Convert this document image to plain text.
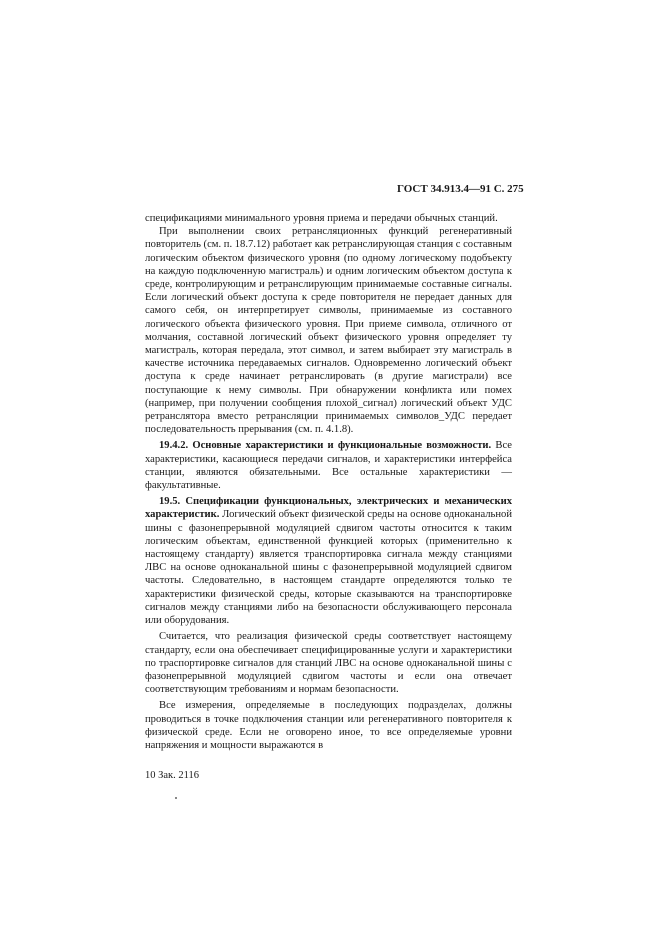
ГОСТ 34.913.4—91 С. 275

спецификациями минимального уровня приема и передачи обычных станций.

При выполнении своих ретрансляционных функций регенеративный повторитель (см. п. 18.7.12) работает как ретранслирующая станция с составным логическим объектом физического уровня (по одному логическому подобъекту на каждую подключенную магистраль) и одним логическим объектом доступа к среде, контролирующим и ретранслирующим принимаемые составные сигналы. Если логический объект доступа к среде повторителя не передает данных для самого себя, он интерпретирует символы, принимаемые из составного логического объекта физического уровня. При приеме символа, отличного от молчания, составной логический объект физического уровня определяет ту магистраль, которая передала, этот символ, и затем выбирает эту магистраль в качестве источника передаваемых сигналов. Одновременно логический объект доступа к среде начинает ретранслировать (в другие магистрали) все поступающие к нему символы. При обнаружении конфликта или помех (например, при получении сообщения плохой_сигнал) логический объект УДС ретранслятора вместо ретрансляции принимаемых символов_УДС передает последовательность прерывания (см. п. 4.1.8).

19.4.2. Основные характеристики и функциональные возможности. Все характеристики, касающиеся передачи сигналов, и характеристики интерфейса станции, являются обязательными. Все остальные характеристики — факультативные.

19.5. Спецификации функциональных, электрических и механических характеристик. Логический объект физической среды на основе одноканальной шины с фазонепрерывной модуляцией сдвигом частоты относится к таким логическим объектам, единственной функцией которых (применительно к настоящему стандарту) является транспортировка сигнала между станциями ЛВС на основе одноканальной шины с фазонепрерывной модуляцией сдвигом частоты. Следовательно, в настоящем стандарте определяются только те характеристики физической среды, которые сказываются на транспортировке сигналов между станциями либо на безопасности обслуживающего персонала или оборудования.

Считается, что реализация физической среды соответствует настоящему стандарту, если она обеспечивает специфицированные услуги и характеристики по траспортировке сигналов для станций ЛВС на основе одноканальной шины с фазонепрерывной модуляцией сдвигом частоты и если она отвечает соответствующим требованиям и нормам безопасности.

Все измерения, определяемые в последующих подразделах, должны проводиться в точке подключения станции или регенеративного повторителя к физической среде. Если не оговорено иное, то все определяемые уровни напряжения и мощности выражаются в

10 Зак. 2116
